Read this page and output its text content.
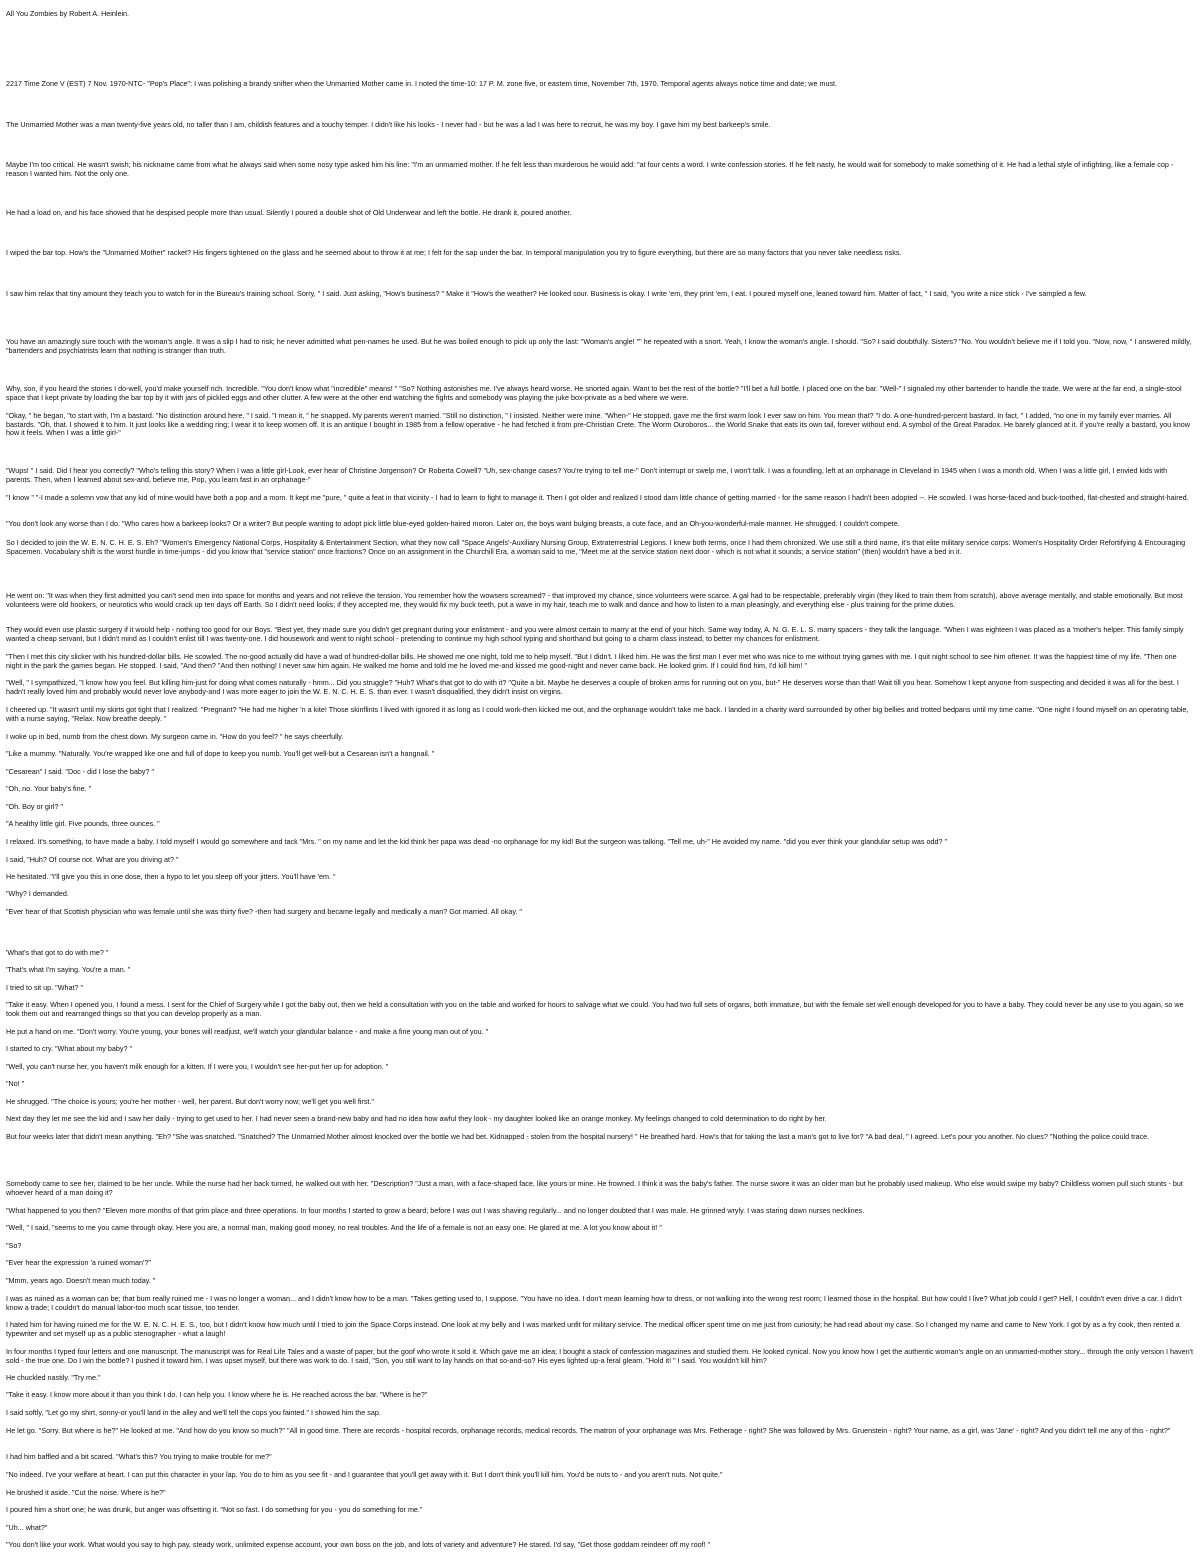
All You Zombies by Robert A. Heinlein.

2217 Time Zone V (EST) 7 Nov. 1970-NTC- "Pop's Place": I was polishing a brandy snifter when the Unmarried Mother came in. I noted the time-10: 17 P. M. zone five, or eastern time, November 7th, 1970. Temporal agents always notice time and date; we must.

The Unmarried Mother was a man twenty-five years old, no taller than I am, childish features and a touchy temper. I didn't like his looks - I never had - but he was a lad I was here to recruit, he was my boy. I gave him my best barkeep's smile.

Maybe I'm too critical. He wasn't swish; his nickname came from what he always said when some nosy type asked him his line: "I'm an unmarried mother. If he felt less than murderous he would add: "at four cents a word. I write confession stories. If he felt nasty, he would wait for somebody to make something of it. He had a lethal style of infighting, like a female cop - reason I wanted him. Not the only one.

He had a load on, and his face showed that he despised people more than usual. Silently I poured a double shot of Old Underwear and left the bottle. He drank it, poured another.

I wiped the bar top. How's the "Unmarried Mother" racket? His fingers tightened on the glass and he seemed about to throw it at me; I felt for the sap under the bar. In temporal manipulation you try to figure everything, but there are so many factors that you never take needless risks.

I saw him relax that tiny amount they teach you to watch for in the Bureau's training school. Sorry, " I said. Just asking, "How's business? " Make it "How's the weather? He looked sour. Business is okay. I write 'em, they print 'em, I eat. I poured myself one, leaned toward him. Matter of fact, " I said, "you write a nice stick - I've sampled a few.

You have an amazingly sure touch with the woman's angle. It was a slip I had to risk; he never admitted what pen-names he used. But he was boiled enough to pick up only the last: "Woman's angle! "" he repeated with a snort. Yeah, I know the woman's angle. I should. "So? I said doubtfully. Sisters? "No. You wouldn't believe me if I told you. "Now, now, " I answered mildly, "bartenders and psychiatrists learn that nothing is stranger than truth.

Why, son, if you heard the stories I do-well, you'd make yourself rich. Incredible. "You don't know what "incredible" means! " "So? Nothing astonishes me. I've always heard worse. He snorted again. Want to bet the rest of the bottle? "I'll bet a full bottle. I placed one on the bar. "Well-" I signaled my other bartender to handle the trade. We were at the far end, a single-stool space that I kept private by loading the bar top by it with jars of pickled eggs and other clutter. A few were at the other end watching the fights and somebody was playing the juke box-private as a bed where we were.

"Okay, " he began, "to start with, I'm a bastard. "No distinction around here, " I said. "I mean it, " he snapped. My parents weren't married. "Still no distinction, " I insisted. Neither were mine. "When-" He stopped, gave me the first warm look I ever saw on him. You mean that? "I do. A one-hundred-percent bastard. In fact, " I added, "no one in my family ever marries. All bastards. "Oh, that. I showed it to him. It just looks like a wedding ring; I wear it to keep women off. It is an antique I bought in 1985 from a fellow operative - he had fetched it from pre-Christian Crete. The Worm Ouroboros... the World Snake that eats its own tail, forever without end. A symbol of the Great Paradox. He barely glanced at it. if you're really a bastard, you know how it feels. When I was a little girl-"

"Wups! " I said. Did I hear you correctly? "Who's telling this story? When I was a little girl-Look, ever hear of Christine Jorgenson? Or Roberta Cowell? "Uh, sex-change cases? You're trying to tell me-" Don't interrupt or swelp me, I won't talk. I was a foundling, left at an orphanage in Cleveland in 1945 when I was a month old. When I was a little girl, I envied kids with parents. Then, when I learned about sex-and, believe me, Pop, you learn fast in an orphanage-"

"I know " "-I made a solemn vow that any kid of mine would have both a pop and a mom. It kept me "pure, " quite a feat in that vicinity - I had to learn to fight to manage it. Then I got older and realized I stood darn little chance of getting married - for the same reason I hadn't been adopted --. He scowled. I was horse-faced and buck-toothed, flat-chested and straight-haired.

"You don't look any worse than I do. "Who cares how a barkeep looks? Or a writer? But people wanting to adopt pick little blue-eyed golden-haired moron. Later on, the boys want bulging breasts, a cute face, and an Oh-you-wonderful-male manner. He shrugged. I couldn't compete.

So I decided to join the W. E. N. C. H. E. S. Eh? "Women's Emergency National Corps, Hospitality & Entertainment Section, what they now call "Space Angels'-Auxiliary Nursing Group, Extraterrestrial Legions. I knew both terms, once I had them chronized. We use still a third name, it's that elite military service corps: Women's Hospitality Order Refortifying & Encouraging Spacemen. Vocabulary shift is the worst hurdle in time-jumps - did you know that "service station" once fractions? Once on an assignment in the Churchill Era, a woman said to me, "Meet me at the service station next door - which is not what it sounds; a service station" (then) wouldn't have a bed in it.

He went on: "It was when they first admitted you can't send men into space for months and years and not relieve the tension. You remember how the wowsers screamed? - that improved my chance, since volunteers were scarce. A gal had to be respectable, preferably virgin (they liked to train them from scratch), above average mentally, and stable emotionally. But most volunteers were old hookers, or neurotics who would crack up ten days off Earth. So I didn't need looks; if they accepted me, they would fix my buck teeth, put a wave in my hair, teach me to walk and dance and how to listen to a man pleasingly, and everything else - plus training for the prime duties.

They would even use plastic surgery if it would help - nothing too good for our Boys. "Best yet, they made sure you didn't get pregnant during your enlistment - and you were almost certain to marry at the end of your hitch. Same way today, A. N. G. E. L. S. marry spacers - they talk the language. "When I was eighteen I was placed as a 'mother's helper. This family simply wanted a cheap servant, but I didn't mind as I couldn't enlist till I was twenty-one. I did housework and went to night school - pretending to continue my high school typing and shorthand but going to a charm class instead, to better my chances for enlistment.

"Then I met this city slicker with his hundred-dollar bills. He scowled. The no-good actually did have a wad of hundred-dollar bills. He showed me one night, told me to help myself. "But I didn't. I liked him. He was the first man I ever met who was nice to me without trying games with me. I quit night school to see him oftener. It was the happiest time of my life. "Then one night in the park the games began. He stopped. I said, "And then? "And then nothing! I never saw him again. He walked me home and told me he loved me-and kissed me good-night and never came back. He looked grim. If I could find him, I'd kill him! "

"Well, " I sympathized, "I know how you feel. But killing him-just for doing what comes naturally - hmm... Did you struggle? "Huh? What's that got to do with it? "Quite a bit. Maybe he deserves a couple of broken arms for running out on you, but-" He deserves worse than that! Wait till you hear. Somehow I kept anyone from suspecting and decided it was all for the best. I hadn't really loved him and probably would never love anybody-and I was more eager to join the W. E. N. C. H. E. S. than ever. I wasn't disqualified, they didn't insist on virgins.

I cheered up. "It wasn't until my skirts got tight that I realized. "Pregnant? "He had me higher 'n a kite! Those skinflints I lived with ignored it as long as I could work-then kicked me out, and the orphanage wouldn't take me back. I landed in a charity ward surrounded by other big bellies and trotted bedpans until my time came. "One night I found myself on an operating table, with a nurse saying, "Relax. Now breathe deeply. "

I woke up in bed, numb from the chest down. My surgeon came in. "How do you feel? " he says cheerfully.

"Like a mummy. "Naturally. You're wrapped like one and full of dope to keep you numb. You'll get well-but a Cesarean isn't a hangnail. "

"Cesarean" I said. "Doc - did I lose the baby? "

"Oh, no. Your baby's fine. "

"Oh. Boy or girl? "

"A healthy little girl. Five pounds, three ounces. "

I relaxed. It's something, to have made a baby. I told myself I would go somewhere and tack "Mrs. " on my name and let the kid think her papa was dead -no orphanage for my kid! But the surgeon was talking. "Tell me, uh-" He avoided my name. "did you ever think your glandular setup was odd? "

I said, "Huh? Of course not. What are you driving at? "

He hesitated. "I'll give you this in one dose, then a hypo to let you sleep off your jitters. You'll have 'em. "

"Why? I demanded.

"Ever hear of that Scottish physician who was female until she was thirty five? -then had surgery and became legally and medically a man? Got married. All okay. "

'What's that got to do with me? "

'That's what I'm saying. You're a man. "

I tried to sit up. "What? "

"Take it easy. When I opened you, I found a mess. I sent for the Chief of Surgery while I got the baby out, then we held a consultation with you on the table and worked for hours to salvage what we could. You had two full sets of organs, both immature, but with the female set well enough developed for you to have a baby. They could never be any use to you again, so we took them out and rearranged things so that you can develop properly as a man.

He put a hand on me. "Don't worry. You're young, your bones will readjust, we'll watch your glandular balance - and make a fine young man out of you. "

I started to cry. "What about my baby? "

"Well, you can't nurse her, you haven't milk enough for a kitten. If I were you, I wouldn't see her-put her up for adoption. "

"No! "

He shrugged. "The choice is yours; you're her mother - well, her parent. But don't worry now; we'll get you well first."

Next day they let me see the kid and I saw her daily - trying to get used to her. I had never seen a brand-new baby and had no idea how awful they look - my daughter looked like an orange monkey. My feelings changed to cold determination to do right by her.

But four weeks later that didn't mean anything. "Eh? "She was snatched. "Snatched? The Unmarried Mother almost knocked over the bottle we had bet. Kidnapped - stolen from the hospital nursery! " He breathed hard. How's that for taking the last a man's got to live for? "A bad deal, " I agreed. Let's pour you another. No clues? "Nothing the police could trace.

Somebody came to see her, claimed to be her uncle. While the nurse had her back turned, he walked out with her. "Description? "Just a man, with a face-shaped face, like yours or mine. He frowned. I think it was the baby's father. The nurse swore it was an older man but he probably used makeup. Who else would swipe my baby? Childless women pull such stunts - but whoever heard of a man doing it?

"What happened to you then? "Eleven more months of that grim place and three operations. In four months I started to grow a beard; before I was out I was shaving regularly... and no longer doubted that I was male. He grinned wryly. I was staring down nurses necklines.

"Well, " I said, "seems to me you came through okay. Here you are, a normal man, making good money, no real troubles. And the life of a female is not an easy one. He glared at me. A lot you know about it! "

"So?

"Ever hear the expression 'a ruined woman'?"

"Mmm, years ago. Doesn't mean much today. "

I was as ruined as a woman can be; that bum really ruined me - I was no longer a woman... and I didn't know how to be a man. "Takes getting used to, I suppose. "You have no idea. I don't mean learning how to dress, or not walking into the wrong rest room; I learned those in the hospital. But how could I live? What job could I get? Hell, I couldn't even drive a car. I didn't know a trade; I couldn't do manual labor-too much scar tissue, too tender.

I hated him for having ruined me for the W. E. N. C. H. E. S., too, but I didn't know how much until I tried to join the Space Corps instead. One look at my belly and I was marked unfit for military service. The medical officer spent time on me just from curiosity; he had read about my case. So I changed my name and came to New York. I got by as a fry cook, then rented a typewriter and set myself up as a public stenographer - what a laugh!

In four months I typed four letters and one manuscript. The manuscript was for Real Life Tales and a waste of paper, but the goof who wrote it sold it. Which gave me an idea; I bought a stack of confession magazines and studied them. He looked cynical. Now you know how I get the authentic woman's angle on an unmarried-mother story... through the only version I haven't sold - the true one. Do I win the bottle? I pushed it toward him. I was upset myself, but there was work to do. I said, "Son, you still want to lay hands on that so-and-so? His eyes lighted up-a feral gleam. "Hold it! " I said. You wouldn't kill him?

He chuckled nastily. "Try me."

"Take it easy. I know more about it than you think I do. I can help you. I know where he is. He reached across the bar. "Where is he?"

I said softly, "Let go my shirt, sonny-or you'll land in the alley and we'll tell the cops you fainted." I showed him the sap.

He let go. "Sorry. But where is he?" He looked at me. "And how do you know so much?" "All in good time. There are records - hospital records, orphanage records, medical records. The matron of your orphanage was Mrs. Fetherage - right? She was followed by Mrs. Gruenstein - right? Your name, as a girl, was 'Jane' - right? And you didn't tell me any of this - right?"

I had him baffled and a bit scared. "What's this? You trying to make trouble for me?"

"No indeed. I've your welfare at heart. I can put this character in your lap. You do to him as you see fit - and I guarantee that you'll get away with it. But I don't think you'll kill him. You'd be nuts to - and you aren't nuts. Not quite."

He brushed it aside. "Cut the noise. Where is he?"

I poured him a short one; he was drunk, but anger was offsetting it. "Not so fast. I do something for you - you do something for me."

"Uh... what?"

"You don't like your work. What would you say to high pay, steady work, unlimited expense account, your own boss on the job, and lots of variety and adventure? He stared. I'd say, "Get those goddam reindeer off my roof! "
